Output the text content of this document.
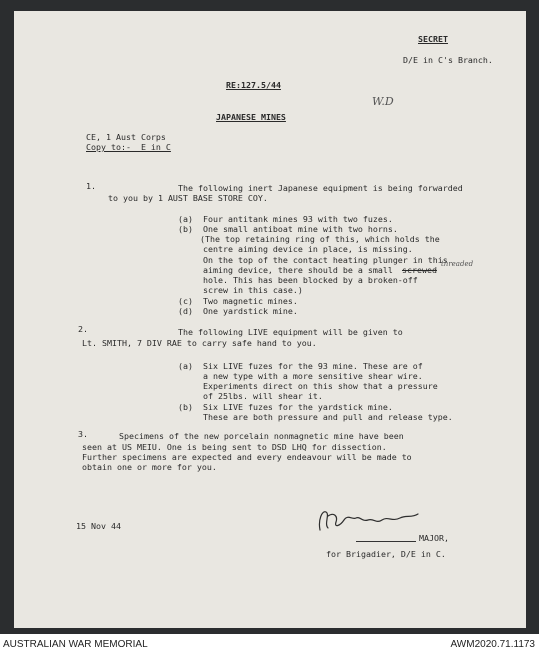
SECRET
D/E in C's Branch.
RE:127.5/44
W.D
JAPANESE MINES
CE, 1 Aust Corps
Copy to:-  E in C
1.	The following inert Japanese equipment is being forwarded
to you by 1 AUST BASE STORE COY.
(a) Four antitank mines 93 with two fuzes.
(b) One small antiboat mine with two horns.
(The top retaining ring of this, which holds the
centre aiming device in place, is missing.
On the top of the contact heating plunger in this
aiming device, there should be a small screwed
threaded
hole. This has been blocked by a broken-off
screw in this case.)
(c) Two magnetic mines.
(d) One yardstick mine.
2.	The following LIVE equipment will be given to
Lt. SMITH, 7 DIV RAE to carry safe hand to you.
(a) Six LIVE fuzes for the 93 mine. These are of
a new type with a more sensitive shear wire.
Experiments direct on this show that a pressure
of 25lbs. will shear it.
(b) Six LIVE fuzes for the yardstick mine.
These are both pressure and pull and release type.
3.	Specimens of the new porcelain nonmagnetic mine have been
seen at US MEIU. One is being sent to DSD LHQ for dissection.
Further specimens are expected and every endeavour will be made to
obtain one or more for you.
15 Nov 44
MAJOR,
for Brigadier, D/E in C.
AUSTRALIAN WAR MEMORIAL	AWM2020.71.1173
